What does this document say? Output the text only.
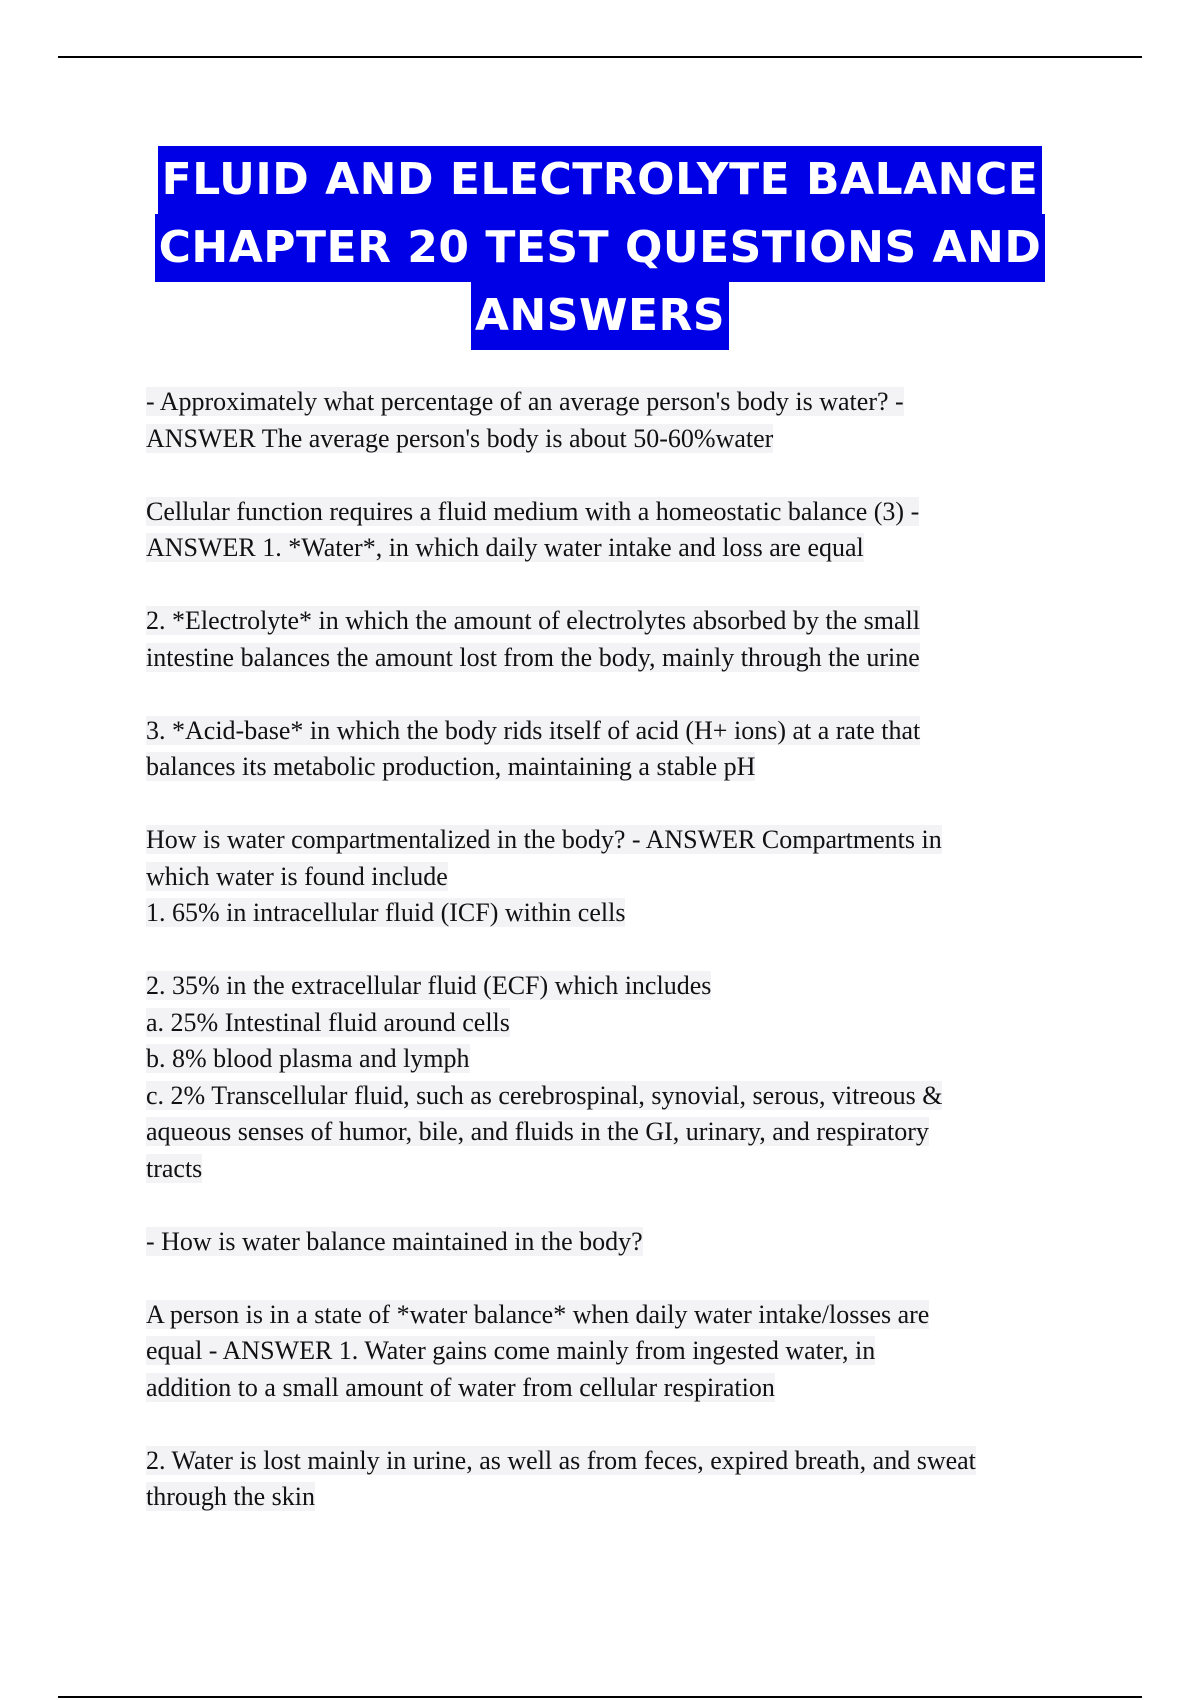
FLUID AND ELECTROLYTE BALANCE
CHAPTER 20 TEST QUESTIONS AND
ANSWERS
- Approximately what percentage of an average person's body is water? -
ANSWER The average person's body is about 50-60%water
Cellular function requires a fluid medium with a homeostatic balance (3) -
ANSWER 1. *Water*, in which daily water intake and loss are equal
2. *Electrolyte* in which the amount of electrolytes absorbed by the small
intestine balances the amount lost from the body, mainly through the urine
3. *Acid-base* in which the body rids itself of acid (H+ ions) at a rate that
balances its metabolic production, maintaining a stable pH
How is water compartmentalized in the body? - ANSWER Compartments in
which water is found include
1. 65% in intracellular fluid (ICF) within cells
2. 35% in the extracellular fluid (ECF) which includes
a. 25% Intestinal fluid around cells
b. 8% blood plasma and lymph
c. 2% Transcellular fluid, such as cerebrospinal, synovial, serous, vitreous &
aqueous senses of humor, bile, and fluids in the GI, urinary, and respiratory
tracts
- How is water balance maintained in the body?
A person is in a state of *water balance* when daily water intake/losses are
equal - ANSWER 1. Water gains come mainly from ingested water, in
addition to a small amount of water from cellular respiration
2. Water is lost mainly in urine, as well as from feces, expired breath, and sweat
through the skin
